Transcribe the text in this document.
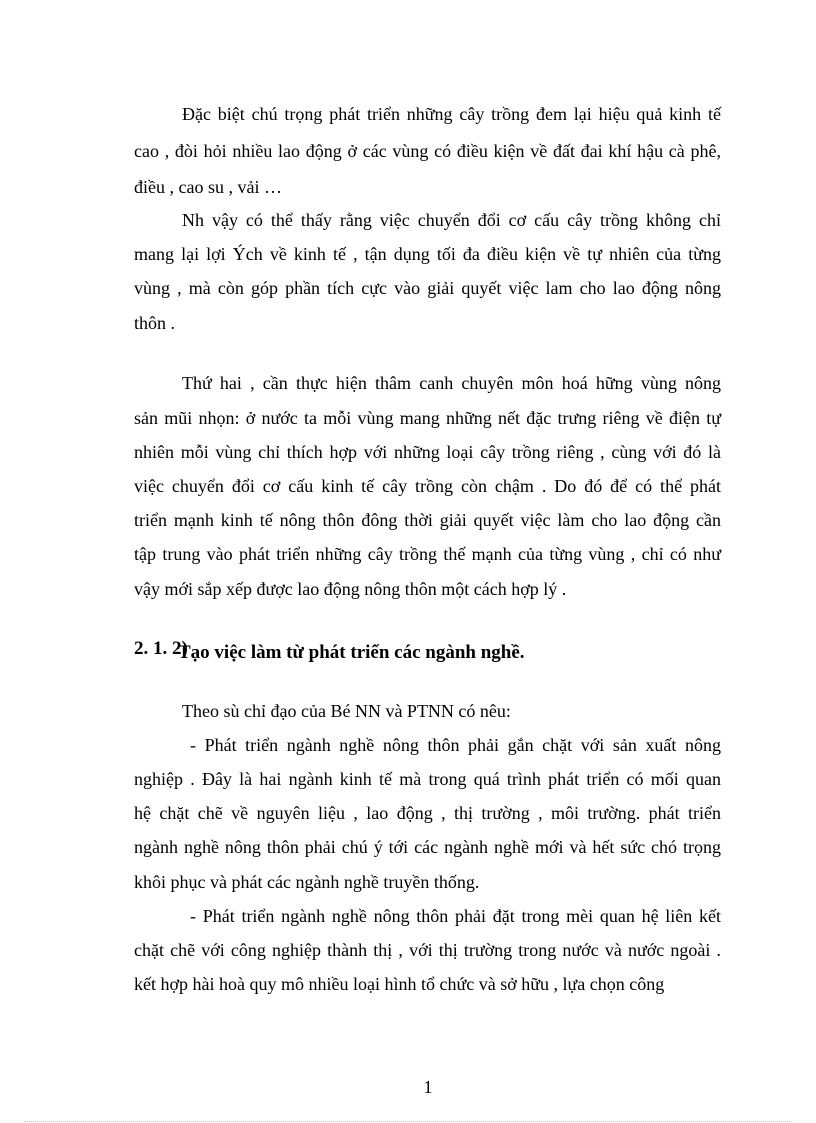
Đặc biệt chú trọng phát triển những cây trồng đem lại hiệu quả kinh tế
cao , đòi hỏi nhiều lao động ở các vùng có điều kiện về đất đai khí hậu cà phê,
điều , cao su , vải …
Nh vậy có thể thấy rằng việc chuyển đổi cơ cấu cây trồng không chỉ
mang lại lợi Ých về kinh tế , tận dụng tối đa điều kiện về tự nhiên của từng
vùng , mà còn góp phần tích cực vào giải quyết việc lam cho lao động nông
thôn .
Thứ hai , cần thực hiện thâm canh chuyên môn hoá hững vùng nông
sản mũi nhọn: ở nước ta mỗi vùng mang những nết đặc trưng riêng về điện tự
nhiên mỗi vùng chỉ thích hợp với những loại cây trồng riêng , cùng với đó là
việc chuyển đổi cơ cấu kinh tế cây trồng còn chậm . Do đó để có thể phát
triển mạnh kinh tế nông thôn đông thời giải quyết việc làm cho lao động cần
tập trung vào phát triển những cây trồng thế mạnh của từng vùng , chỉ có như
vậy mới sắp xếp được lao động nông thôn một cách hợp lý .
2. 1. 2)
Tạo việc làm từ phát triển các ngành nghề.
Theo sù chỉ đạo của Bé NN và PTNN có nêu:
- Phát triển ngành nghề nông thôn phải gắn chặt với sản xuất nông
nghiệp . Đây là hai ngành kinh tế mà trong quá trình phát triển có mối quan
hệ chặt chẽ về nguyên liệu , lao động , thị trường , môi trường. phát triển
ngành nghề nông thôn phải chú ý tới các ngành nghề mới và hết sức chó trọng
khôi phục và phát các ngành nghề truyền thống.
- Phát triển ngành nghề nông thôn phải đặt trong mèi quan hệ liên kết
chặt chẽ với công nghiệp thành thị , với thị trường trong nước và nước ngoài .
kết hợp hài hoà quy mô nhiều loại hình tổ chức và sở hữu , lựa chọn công
1
